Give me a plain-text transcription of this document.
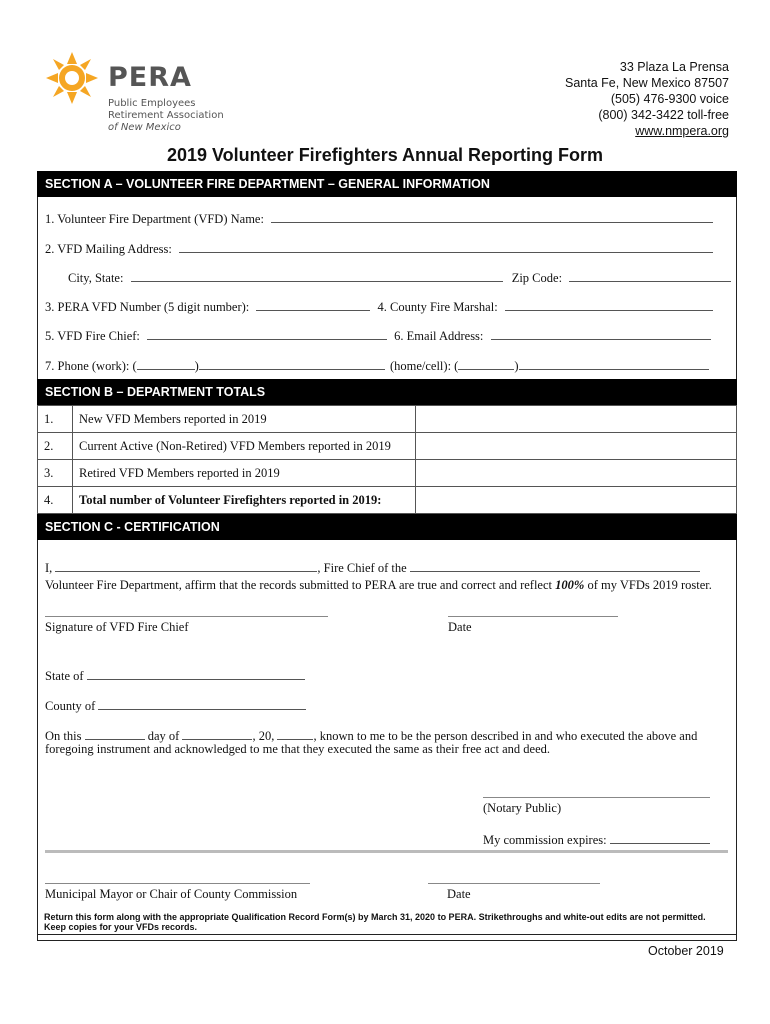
PERA
Public Employees
Retirement Association
of New Mexico
33 Plaza La Prensa
Santa Fe, New Mexico 87507
(505) 476-9300 voice
(800) 342-3422 toll-free
www.nmpera.org
2019 Volunteer Firefighters Annual Reporting Form
SECTION A – VOLUNTEER FIRE DEPARTMENT – GENERAL INFORMATION
1. Volunteer Fire Department (VFD) Name:
2. VFD Mailing Address:
City, State:	Zip Code:
3. PERA VFD Number (5 digit number):	4. County Fire Marshal:
5. VFD Fire Chief:	6. Email Address:
7. Phone (work): (	)	(home/cell): (	)
SECTION B – DEPARTMENT TOTALS
1.	New VFD Members reported in 2019	
2.	Current Active (Non-Retired) VFD Members reported in 2019	
3.	Retired VFD Members reported in 2019	
4.	Total number of Volunteer Firefighters reported in 2019:	
SECTION C - CERTIFICATION
I,	, Fire Chief of the
Volunteer Fire Department, affirm that the records submitted to PERA are true and correct and reflect 100% of my VFDs 2019 roster.
Signature of VFD Fire Chief	Date
State of
County of
On this	day of	, 20,	, known to me to be the person described in and who executed the above and
foregoing instrument and acknowledged to me that they executed the same as their free act and deed.
(Notary Public)
My commission expires:
Municipal Mayor or Chair of County Commission	Date
Return this form along with the appropriate Qualification Record Form(s) by March 31, 2020 to PERA. Strikethroughs and white-out edits are not permitted. Keep copies for your VFDs records.
October 2019
